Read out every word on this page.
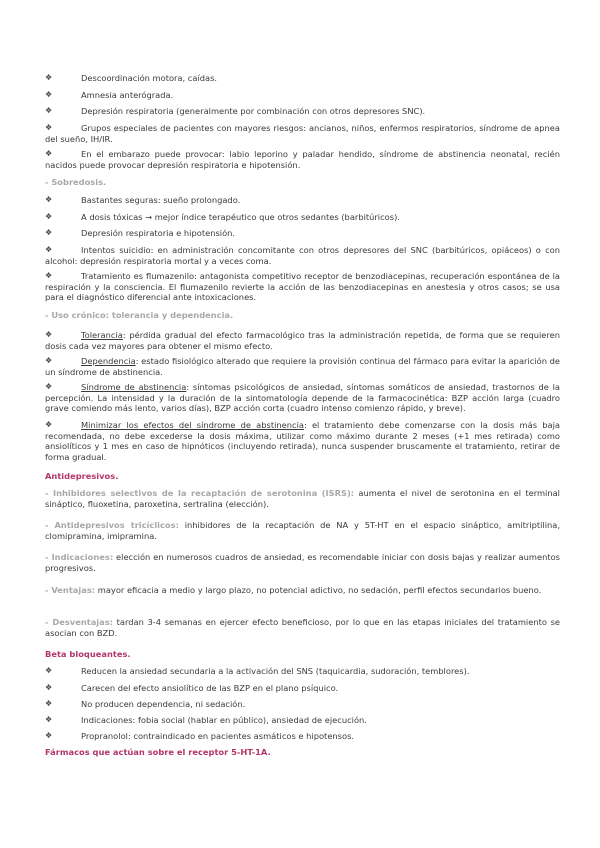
❖	Descoordinación motora, caídas.
❖	Amnesia anterógrada.
❖	Depresión respiratoria (generalmente por combinación con otros depresores SNC).
❖	Grupos especiales de pacientes con mayores riesgos: ancianos, niños, enfermos respiratorios, síndrome de apnea del sueño, IH/IR.
❖	En el embarazo puede provocar: labio leporino y paladar hendido, síndrome de abstinencia neonatal, recién nacidos puede provocar depresión respiratoria e hipotensión.
- Sobredosis.
❖	Bastantes seguras: sueño prolongado.
❖	A dosis tóxicas → mejor índice terapéutico que otros sedantes (barbitúricos).
❖	Depresión respiratoria e hipotensión.
❖	Intentos suicidio: en administración concomitante con otros depresores del SNC (barbitúricos, opiáceos) o con alcohol: depresión respiratoria mortal y a veces coma.
❖	Tratamiento es flumazenilo: antagonista competitivo receptor de benzodiacepinas, recuperación espontánea de la respiración y la consciencia. El flumazenilo revierte la acción de las benzodiacepinas en anestesia y otros casos; se usa para el diagnóstico diferencial ante intoxicaciones.
- Uso crónico: tolerancia y dependencia.
❖	Tolerancia: pérdida gradual del efecto farmacológico tras la administración repetida, de forma que se requieren dosis cada vez mayores para obtener el mismo efecto.
❖	Dependencia: estado fisiológico alterado que requiere la provisión continua del fármaco para evitar la aparición de un síndrome de abstinencia.
❖	Síndrome de abstinencia: síntomas psicológicos de ansiedad, síntomas somáticos de ansiedad, trastornos de la percepción. La intensidad y la duración de la sintomatología depende de la farmacocinética: BZP acción larga (cuadro grave comiendo más lento, varios días), BZP acción corta (cuadro intenso comienzo rápido, y breve).
❖	Minimizar los efectos del síndrome de abstinencia: el tratamiento debe comenzarse con la dosis más baja recomendada, no debe excederse la dosis máxima, utilizar como máximo durante 2 meses (+1 mes retirada) como ansiolíticos y 1 mes en caso de hipnóticos (incluyendo retirada), nunca suspender bruscamente el tratamiento, retirar de forma gradual.
Antidepresivos.
- Inhibidores selectivos de la recaptación de serotonina (ISRS): aumenta el nivel de serotonina en el terminal sináptico, fluoxetina, paroxetina, sertralina (elección).
- Antidepresivos tricíclicos: inhibidores de la recaptación de NA y 5T-HT en el espacio sináptico, amitriptilina, clomipramina, imipramina.
- Indicaciones: elección en numerosos cuadros de ansiedad, es recomendable iniciar con dosis bajas y realizar aumentos progresivos.
- Ventajas: mayor eficacia a medio y largo plazo, no potencial adictivo, no sedación, perfil efectos secundarios bueno.
- Desventajas: tardan 3-4 semanas en ejercer efecto beneficioso, por lo que en las etapas iniciales del tratamiento se asocian con BZD.
Beta bloqueantes.
❖	Reducen la ansiedad secundaria a la activación del SNS (taquicardia, sudoración, temblores).
❖	Carecen del efecto ansiolítico de las BZP en el plano psíquico.
❖	No producen dependencia, ni sedación.
❖	Indicaciones: fobia social (hablar en público), ansiedad de ejecución.
❖	Propranolol: contraindicado en pacientes asmáticos e hipotensos.
Fármacos que actúan sobre el receptor 5-HT-1A.
